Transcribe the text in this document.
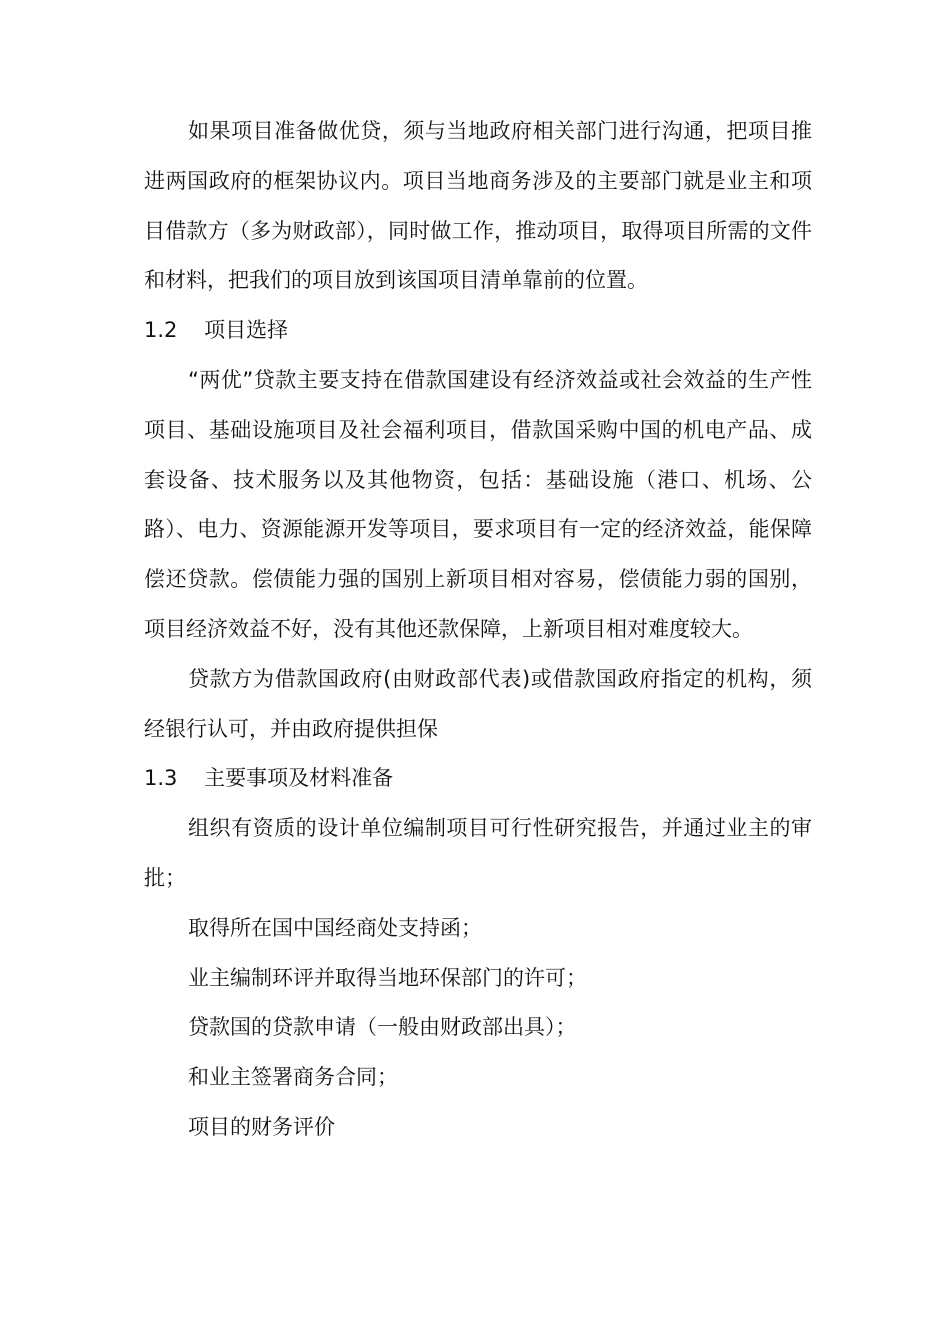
如果项目准备做优贷，须与当地政府相关部门进行沟通，把项目推进两国政府的框架协议内。项目当地商务涉及的主要部门就是业主和项目借款方（多为财政部），同时做工作，推动项目，取得项目所需的文件和材料，把我们的项目放到该国项目清单靠前的位置。

1.2    项目选择

“两优”贷款主要支持在借款国建设有经济效益或社会效益的生产性项目、基础设施项目及社会福利项目，借款国采购中国的机电产品、成套设备、技术服务以及其他物资，包括：基础设施（港口、机场、公路）、电力、资源能源开发等项目，要求项目有一定的经济效益，能保障偿还贷款。偿债能力强的国别上新项目相对容易，偿债能力弱的国别，项目经济效益不好，没有其他还款保障，上新项目相对难度较大。

贷款方为借款国政府(由财政部代表)或借款国政府指定的机构，须经银行认可，并由政府提供担保

1.3    主要事项及材料准备

组织有资质的设计单位编制项目可行性研究报告，并通过业主的审批；

取得所在国中国经商处支持函；

业主编制环评并取得当地环保部门的许可；

贷款国的贷款申请（一般由财政部出具）；

和业主签署商务合同；

项目的财务评价
